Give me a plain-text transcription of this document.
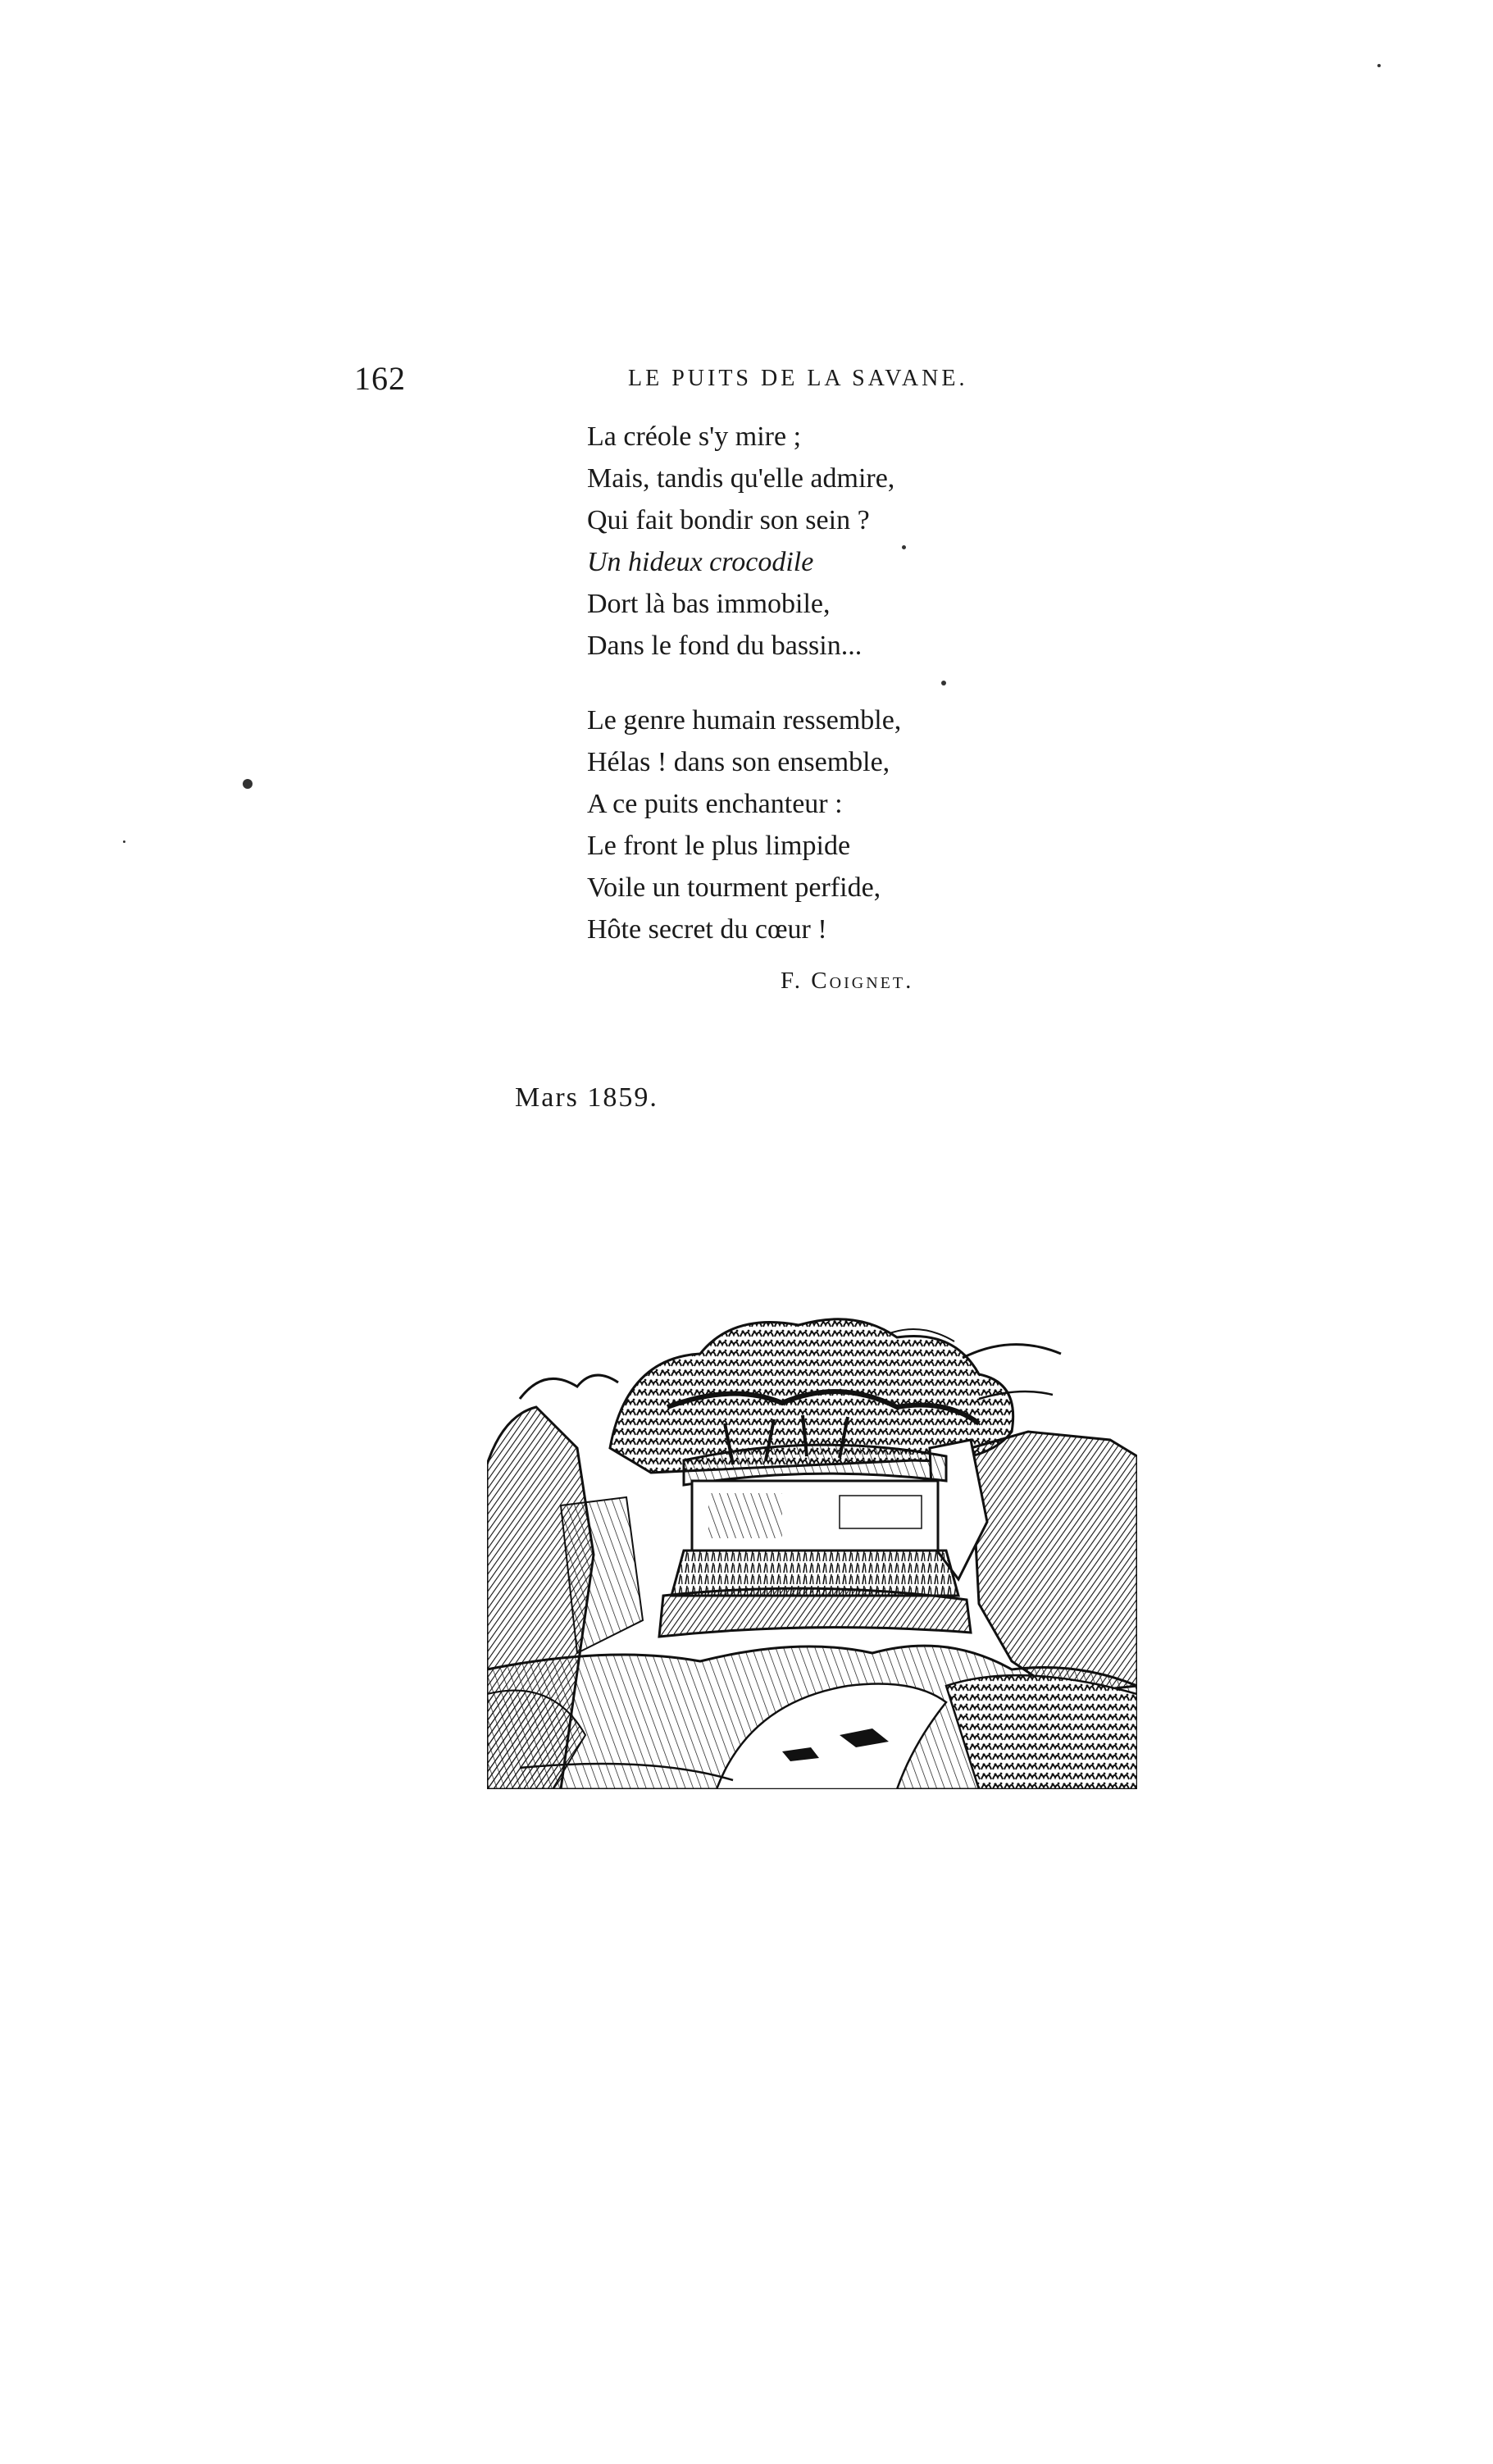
162	LE PUITS DE LA SAVANE.
La créole s'y mire ;
Mais, tandis qu'elle admire,
Qui fait bondir son sein ?
Un hideux crocodile
Dort là bas immobile,
Dans le fond du bassin...
Le genre humain ressemble,
Hélas ! dans son ensemble,
A ce puits enchanteur :
Le front le plus limpide
Voile un tourment perfide,
Hôte secret du cœur !
F. Coignet.
Mars 1859.
